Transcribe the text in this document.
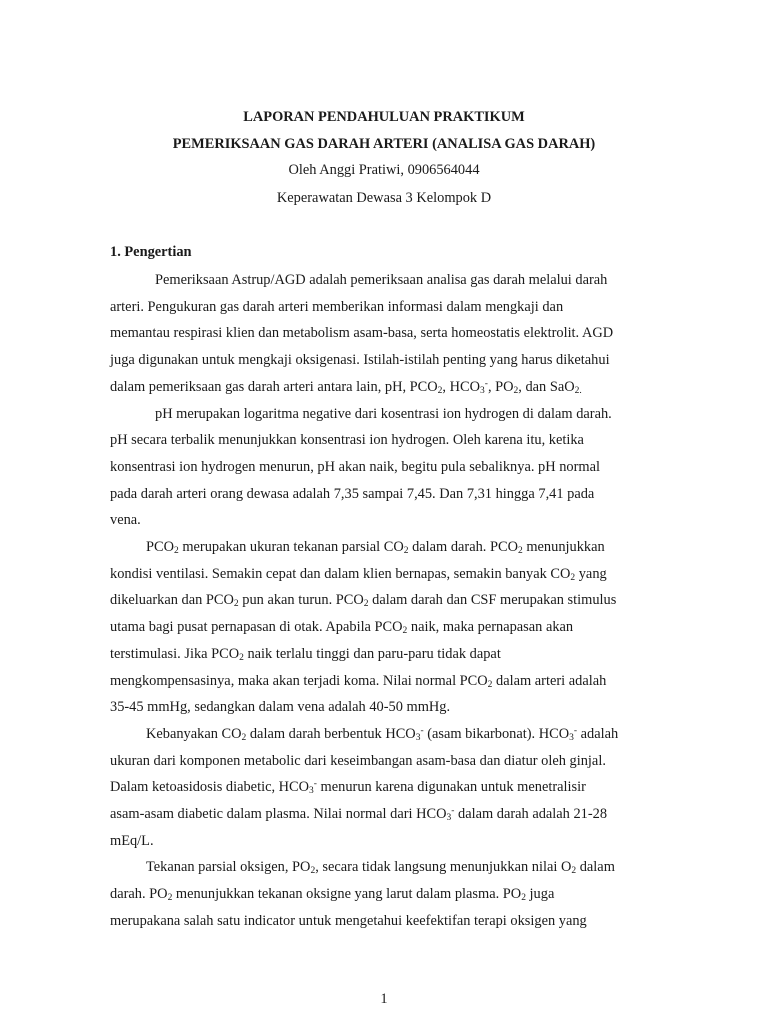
LAPORAN PENDAHULUAN PRAKTIKUM
PEMERIKSAAN GAS DARAH ARTERI (ANALISA GAS DARAH)
Oleh Anggi Pratiwi, 0906564044
Keperawatan Dewasa 3 Kelompok D
1. Pengertian
Pemeriksaan Astrup/AGD adalah pemeriksaan analisa gas darah melalui darah
arteri. Pengukuran gas darah arteri memberikan informasi dalam mengkaji dan
memantau respirasi klien dan metabolism asam-basa, serta homeostatis elektrolit. AGD
juga digunakan untuk mengkaji oksigenasi. Istilah-istilah penting yang harus diketahui
dalam pemeriksaan gas darah arteri antara lain, pH, $PCO_2$, $HCO_3^-$, $PO_2$, dan SaO$_{2.}$
pH merupakan logaritma negative dari kosentrasi ion hydrogen di dalam darah.
pH secara terbalik menunjukkan konsentrasi ion hydrogen. Oleh karena itu, ketika
konsentrasi ion hydrogen menurun, pH akan naik, begitu pula sebaliknya. pH normal
pada darah arteri orang dewasa adalah 7,35 sampai 7,45. Dan 7,31 hingga 7,41 pada
vena.
$PCO_2$ merupakan ukuran tekanan parsial $CO_2$ dalam darah. $PCO_2$ menunjukkan
kondisi ventilasi. Semakin cepat dan dalam klien bernapas, semakin banyak $CO_2$ yang
dikeluarkan dan $PCO_2$ pun akan turun. $PCO_2$ dalam darah dan CSF merupakan stimulus
utama bagi pusat pernapasan di otak. Apabila $PCO_2$ naik, maka pernapasan akan
terstimulasi. Jika $PCO_2$ naik terlalu tinggi dan paru-paru tidak dapat
mengkompensasinya, maka akan terjadi koma. Nilai normal $PCO_2$ dalam arteri adalah
35-45 mmHg, sedangkan dalam vena adalah 40-50 mmHg.
Kebanyakan $CO_2$ dalam darah berbentuk $HCO_3^-$ (asam bikarbonat). $HCO_3^-$ adalah
ukuran dari komponen metabolic dari keseimbangan asam-basa dan diatur oleh ginjal.
Dalam ketoasidosis diabetic, $HCO_3^-$ menurun karena digunakan untuk menetralisir
asam-asam diabetic dalam plasma. Nilai normal dari $HCO_3^-$ dalam darah adalah 21-28
mEq/L.
Tekanan parsial oksigen, $PO_2$, secara tidak langsung menunjukkan nilai $O_2$ dalam
darah. $PO_2$ menunjukkan tekanan oksigne yang larut dalam plasma. $PO_2$ juga
merupakana salah satu indicator untuk mengetahui keefektifan terapi oksigen yang
1
